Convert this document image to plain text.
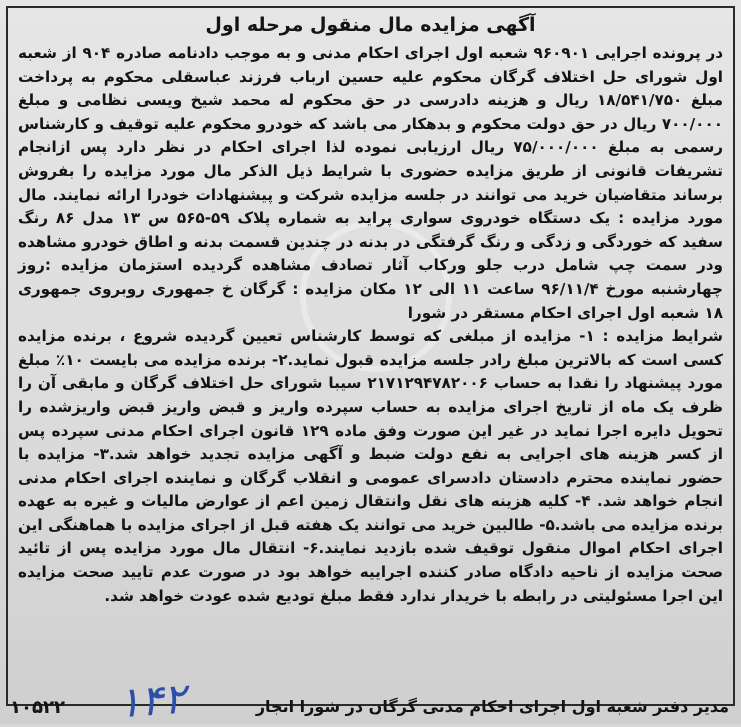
آگهی مزایده مال منقول مرحله اول

در پرونده اجرایی ۹۶۰۹۰۱ شعبه اول اجرای احکام مدنی و به موجب دادنامه صادره ۹۰۴ از شعبه اول شورای حل اختلاف گرگان محکوم علیه حسین ارباب فرزند عباسقلی محکوم به پرداخت مبلغ ۱۸/۵۴۱/۷۵۰ ریال و هزینه دادرسی در حق محکوم له محمد شیخ ویسی نظامی و مبلغ ۷۰۰/۰۰۰ ریال در حق دولت محکوم و بدهکار می باشد که خودرو محکوم علیه توقیف و کارشناس رسمی به مبلغ ۷۵/۰۰۰/۰۰۰ ریال ارزیابی نموده لذا اجرای احکام در نظر دارد پس ازانجام تشریفات قانونی از طریق مزایده حضوری با شرایط ذیل الذکر مال مورد مزایده را بفروش برساند متقاضیان خرید می توانند در جلسه مزایده شرکت و پیشنهادات خودرا ارائه نمایند. مال مورد مزایده : یک دستگاه خودروی سواری پراید به شماره پلاک ۵۹-۵۶۵ س ۱۳ مدل ۸۶ رنگ سفید که خوردگی و زدگی و رنگ گرفتگی در بدنه در چندین قسمت بدنه و اطاق خودرو مشاهده ودر سمت چپ شامل درب جلو ورکاب آثار تصادف مشاهده گردیده استزمان مزایده :روز چهارشنبه مورخ ۹۶/۱۱/۴ ساعت ۱۱ الی ۱۲ مکان مزایده : گرگان خ جمهوری روبروی جمهوری ۱۸ شعبه اول اجرای احکام مستقر در شورا

شرایط مزایده : ۱- مزایده از مبلغی که توسط کارشناس تعیین گردیده شروع ، برنده مزایده کسی است که بالاترین مبلغ رادر جلسه مزایده قبول نماید.۲- برنده مزایده می بایست ۱۰٪ مبلغ مورد پیشنهاد را نقدا به حساب ۲۱۷۱۲۹۴۷۸۲۰۰۶ سیبا شورای حل اختلاف گرگان و مابقی آن را ظرف یک ماه از تاریخ اجرای مزایده به حساب سپرده واریز و قبض واریز قبض واریزشده را تحویل دایره اجرا نماید در غیر این صورت وفق ماده ۱۲۹ قانون اجرای احکام مدنی سپرده پس از کسر هزینه های اجرایی به نفع دولت ضبط و آگهی مزایده تجدید خواهد شد.۳- مزایده با حضور نماینده محترم دادستان دادسرای عمومی و انقلاب گرگان و نماینده اجرای احکام مدنی انجام خواهد شد. ۴- کلیه هزینه های نقل وانتقال زمین اعم از عوارض مالیات و غیره به عهده برنده مزایده می باشد.۵- طالبین خرید می توانند یک هفته قبل از اجرای مزایده با هماهنگی این اجرای احکام اموال منقول توقیف شده بازدید نمایند.۶- انتقال مال مورد مزایده پس از تائید صحت مزایده از ناحیه دادگاه صادر کننده اجراییه خواهد بود در صورت عدم تایید صحت مزایده این اجرا مسئولیتی در رابطه با خریدار ندارد فقط مبلغ تودیع شده عودت خواهد شد.

۱۴۲
۱۰۵۲۲	مدیر دفتر شعبه اول اجرای احکام مدنی گرگان در شورا انجار
